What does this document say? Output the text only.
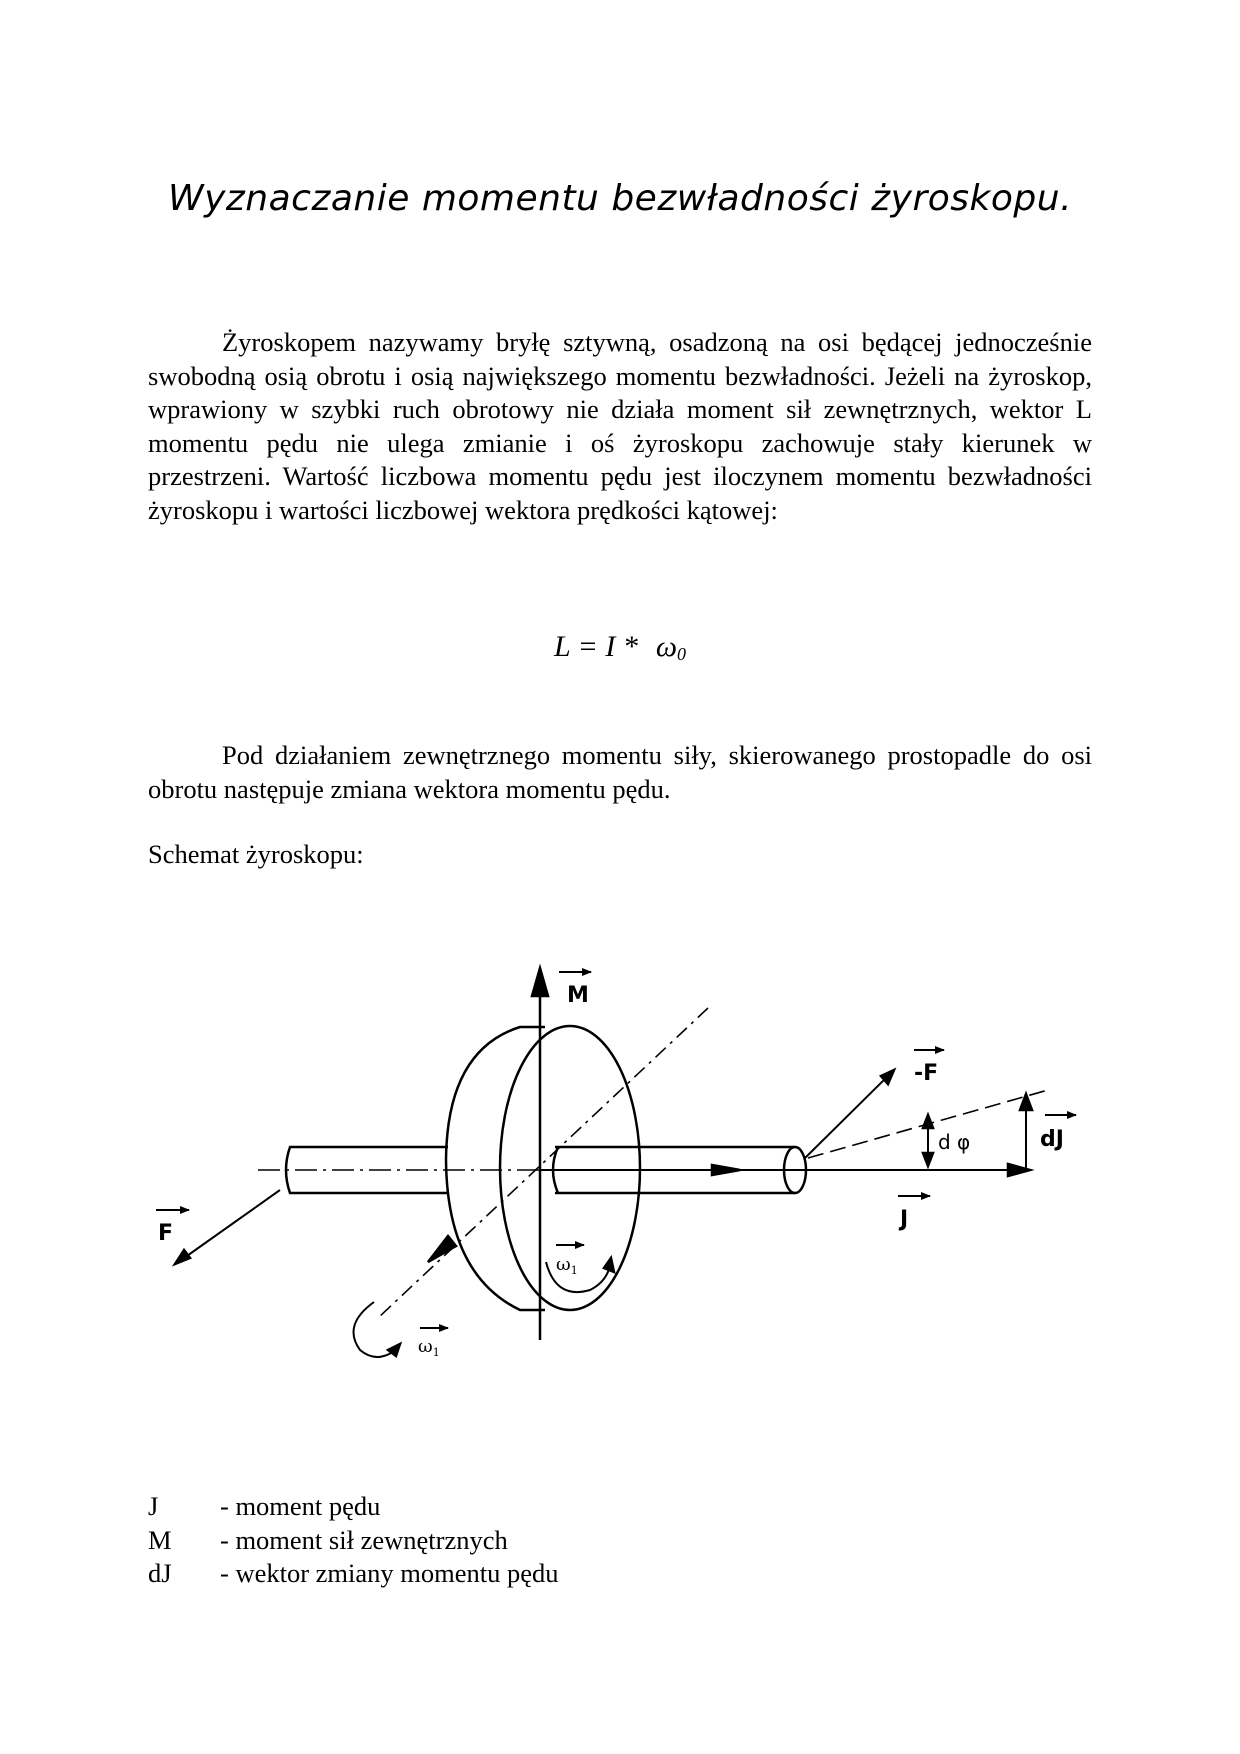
Wyznaczanie momentu bezwładności żyroskopu.

Żyroskopem nazywamy bryłę sztywną, osadzoną na osi będącej jednocześnie swobodną osią obrotu i osią największego momentu bezwładności. Jeżeli na żyroskop, wprawiony w szybki ruch obrotowy nie działa moment sił zewnętrznych, wektor L momentu pędu nie ulega zmianie i oś żyroskopu zachowuje stały kierunek w przestrzeni. Wartość liczbowa momentu pędu jest iloczynem momentu bezwładności żyroskopu i wartości liczbowej wektora prędkości kątowej:

$L = I * \omega_0$

Pod działaniem zewnętrznego momentu siły, skierowanego prostopadle do osi obrotu następuje zmiana wektora momentu pędu.

Schemat żyroskopu:
M
-F
F
dJ
J
d φ
$\omega_1$
$\omega_1$
J	- moment pędu
M	- moment sił zewnętrznych
dJ	- wektor zmiany momentu pędu
